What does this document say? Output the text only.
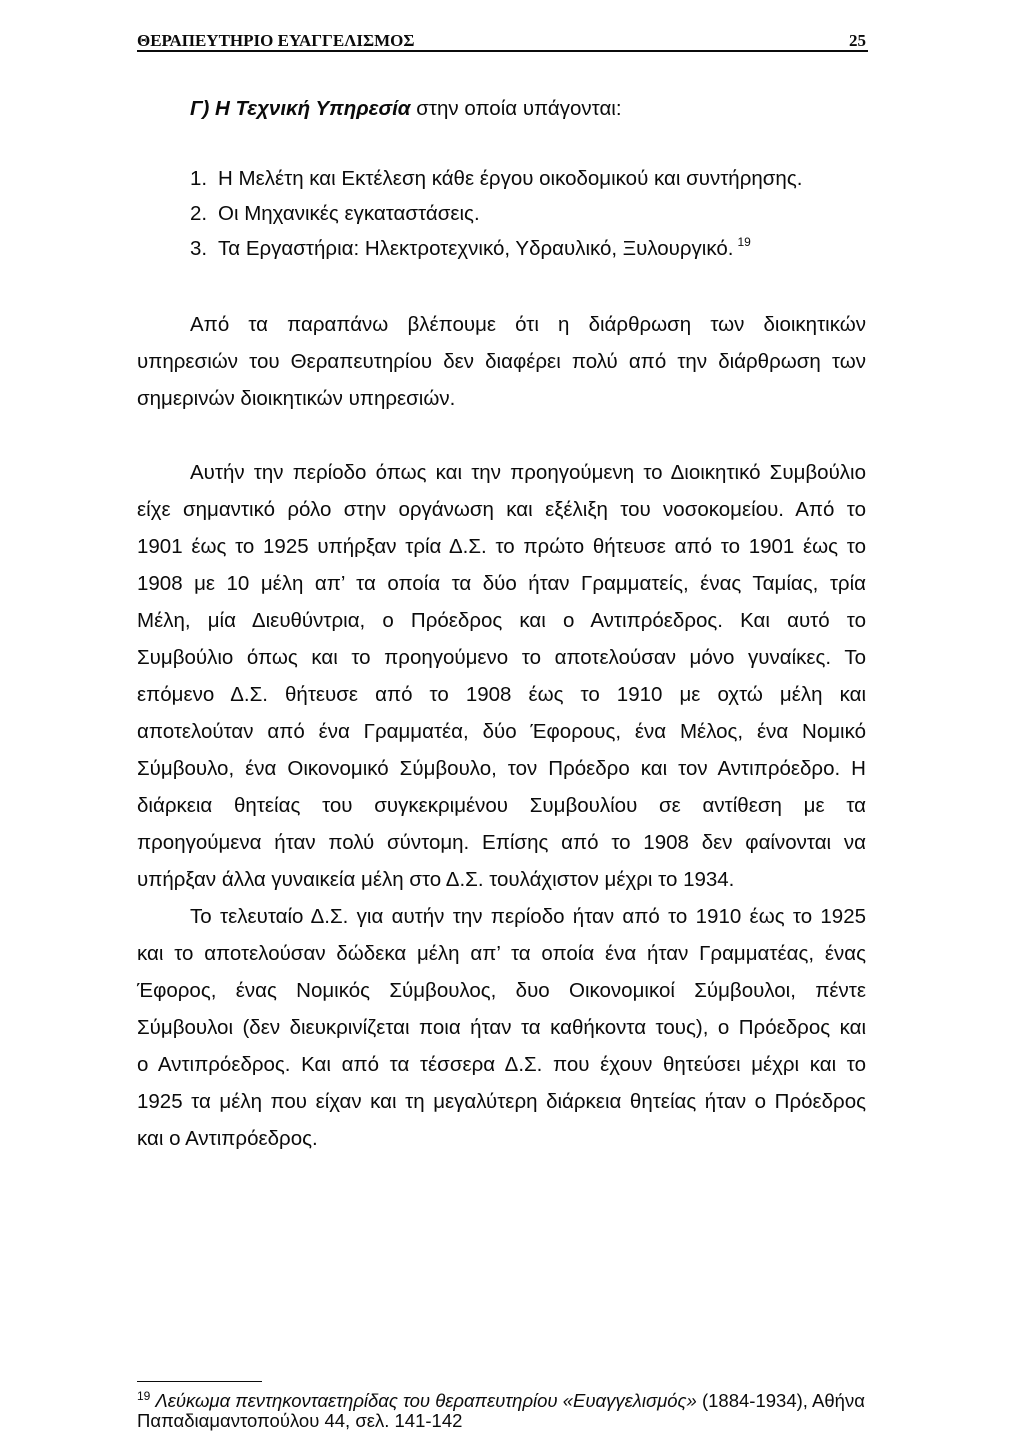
ΘΕΡΑΠΕΥΤΗΡΙΟ ΕΥΑΓΓΕΛΙΣΜΟΣ	25
Γ) Η Τεχνική Υπηρεσία στην οποία υπάγονται:
1. Η Μελέτη και Εκτέλεση κάθε έργου οικοδομικού και συντήρησης.
2. Οι Μηχανικές εγκαταστάσεις.
3. Τα Εργαστήρια: Ηλεκτροτεχνικό, Υδραυλικό, Ξυλουργικό. $^{19}$
Από τα παραπάνω βλέπουμε ότι η διάρθρωση των διοικητικών
υπηρεσιών του Θεραπευτηρίου δεν διαφέρει πολύ από την διάρθρωση των
σημερινών διοικητικών υπηρεσιών.
Αυτήν την περίοδο όπως και την προηγούμενη το Διοικητικό Συμβούλιο
είχε σημαντικό ρόλο στην οργάνωση και εξέλιξη του νοσοκομείου. Από το
1901 έως το 1925 υπήρξαν τρία Δ.Σ. το πρώτο θήτευσε από το 1901 έως το
1908 με 10 μέλη απ’ τα οποία τα δύο ήταν Γραμματείς, ένας Ταμίας, τρία
Μέλη, μία Διευθύντρια, ο Πρόεδρος και ο Αντιπρόεδρος. Και αυτό το
Συμβούλιο όπως και το προηγούμενο το αποτελούσαν μόνο γυναίκες. Το
επόμενο Δ.Σ. θήτευσε από το 1908 έως το 1910 με οχτώ μέλη και
αποτελούταν από ένα Γραμματέα, δύο Έφορους, ένα Μέλος, ένα Νομικό
Σύμβουλο, ένα Οικονομικό Σύμβουλο, τον Πρόεδρο και τον Αντιπρόεδρο. Η
διάρκεια θητείας του συγκεκριμένου Συμβουλίου σε αντίθεση με τα
προηγούμενα ήταν πολύ σύντομη. Επίσης από το 1908 δεν φαίνονται να
υπήρξαν άλλα γυναικεία μέλη στο Δ.Σ. τουλάχιστον μέχρι το 1934.
Το τελευταίο Δ.Σ. για αυτήν την περίοδο ήταν από το 1910 έως το 1925
και το αποτελούσαν δώδεκα μέλη απ’ τα οποία ένα ήταν Γραμματέας, ένας
Έφορος, ένας Νομικός Σύμβουλος, δυο Οικονομικοί Σύμβουλοι, πέντε
Σύμβουλοι (δεν διευκρινίζεται ποια ήταν τα καθήκοντα τους), ο Πρόεδρος και
ο Αντιπρόεδρος. Και από τα τέσσερα Δ.Σ. που έχουν θητεύσει μέχρι και το
1925 τα μέλη που είχαν και τη μεγαλύτερη διάρκεια θητείας ήταν ο Πρόεδρος
και ο Αντιπρόεδρος.
$^{19}$ Λεύκωμα πεντηκονταετηρίδας του θεραπευτηρίου «Ευαγγελισμός» (1884-1934), Αθήνα
Παπαδιαμαντοπούλου 44, σελ. 141-142
